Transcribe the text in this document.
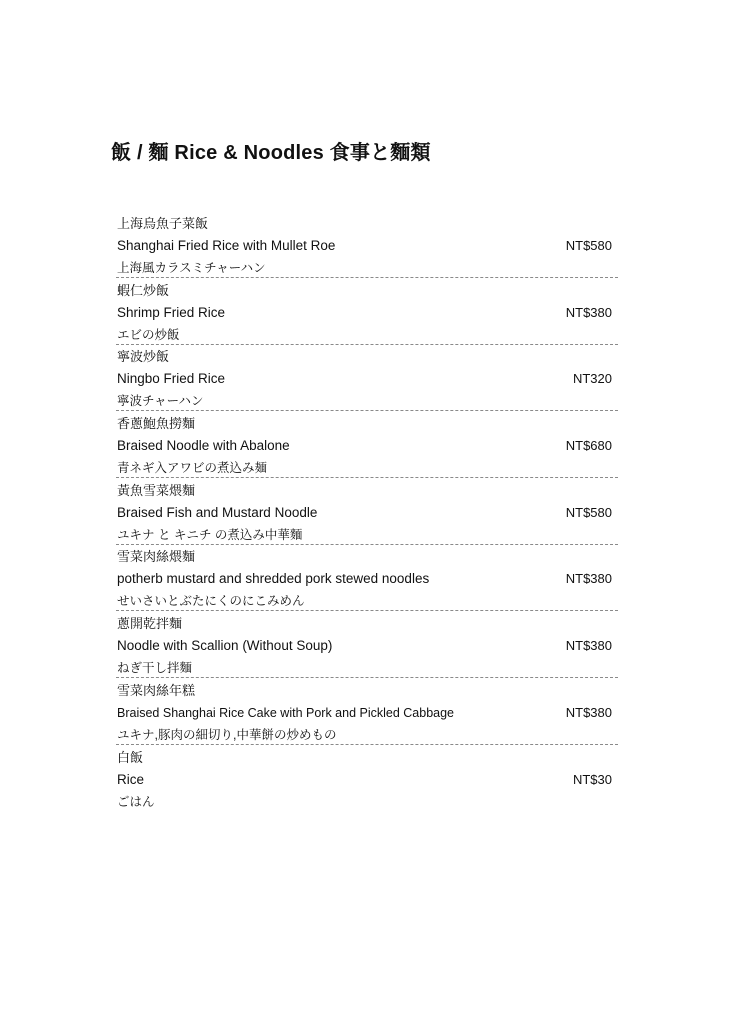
飯 / 麵 Rice & Noodles 食事と麵類
上海烏魚子菜飯
Shanghai Fried Rice with Mullet Roe	NT$580
上海風カラスミチャーハン
蝦仁炒飯
Shrimp Fried Rice	NT$380
エビの炒飯
寧波炒飯
Ningbo Fried Rice	NT320
寧波チャーハン
香蔥鮑魚撈麵
Braised Noodle with Abalone	NT$680
青ネギ入アワビの煮込み麺
黃魚雪菜煨麵
Braised Fish and Mustard Noodle	NT$580
ユキナ と キニチ の煮込み中華麵
雪菜肉絲煨麵
potherb mustard and shredded pork stewed noodles	NT$380
せいさいとぶたにくのにこみめん
蔥開乾拌麵
Noodle with Scallion (Without Soup)	NT$380
ねぎ干し拌麵
雪菜肉絲年糕
Braised Shanghai Rice Cake with Pork and Pickled Cabbage	NT$380
ユキナ,豚肉の細切り,中華餅の炒めもの
白飯
Rice	NT$30
ごはん
